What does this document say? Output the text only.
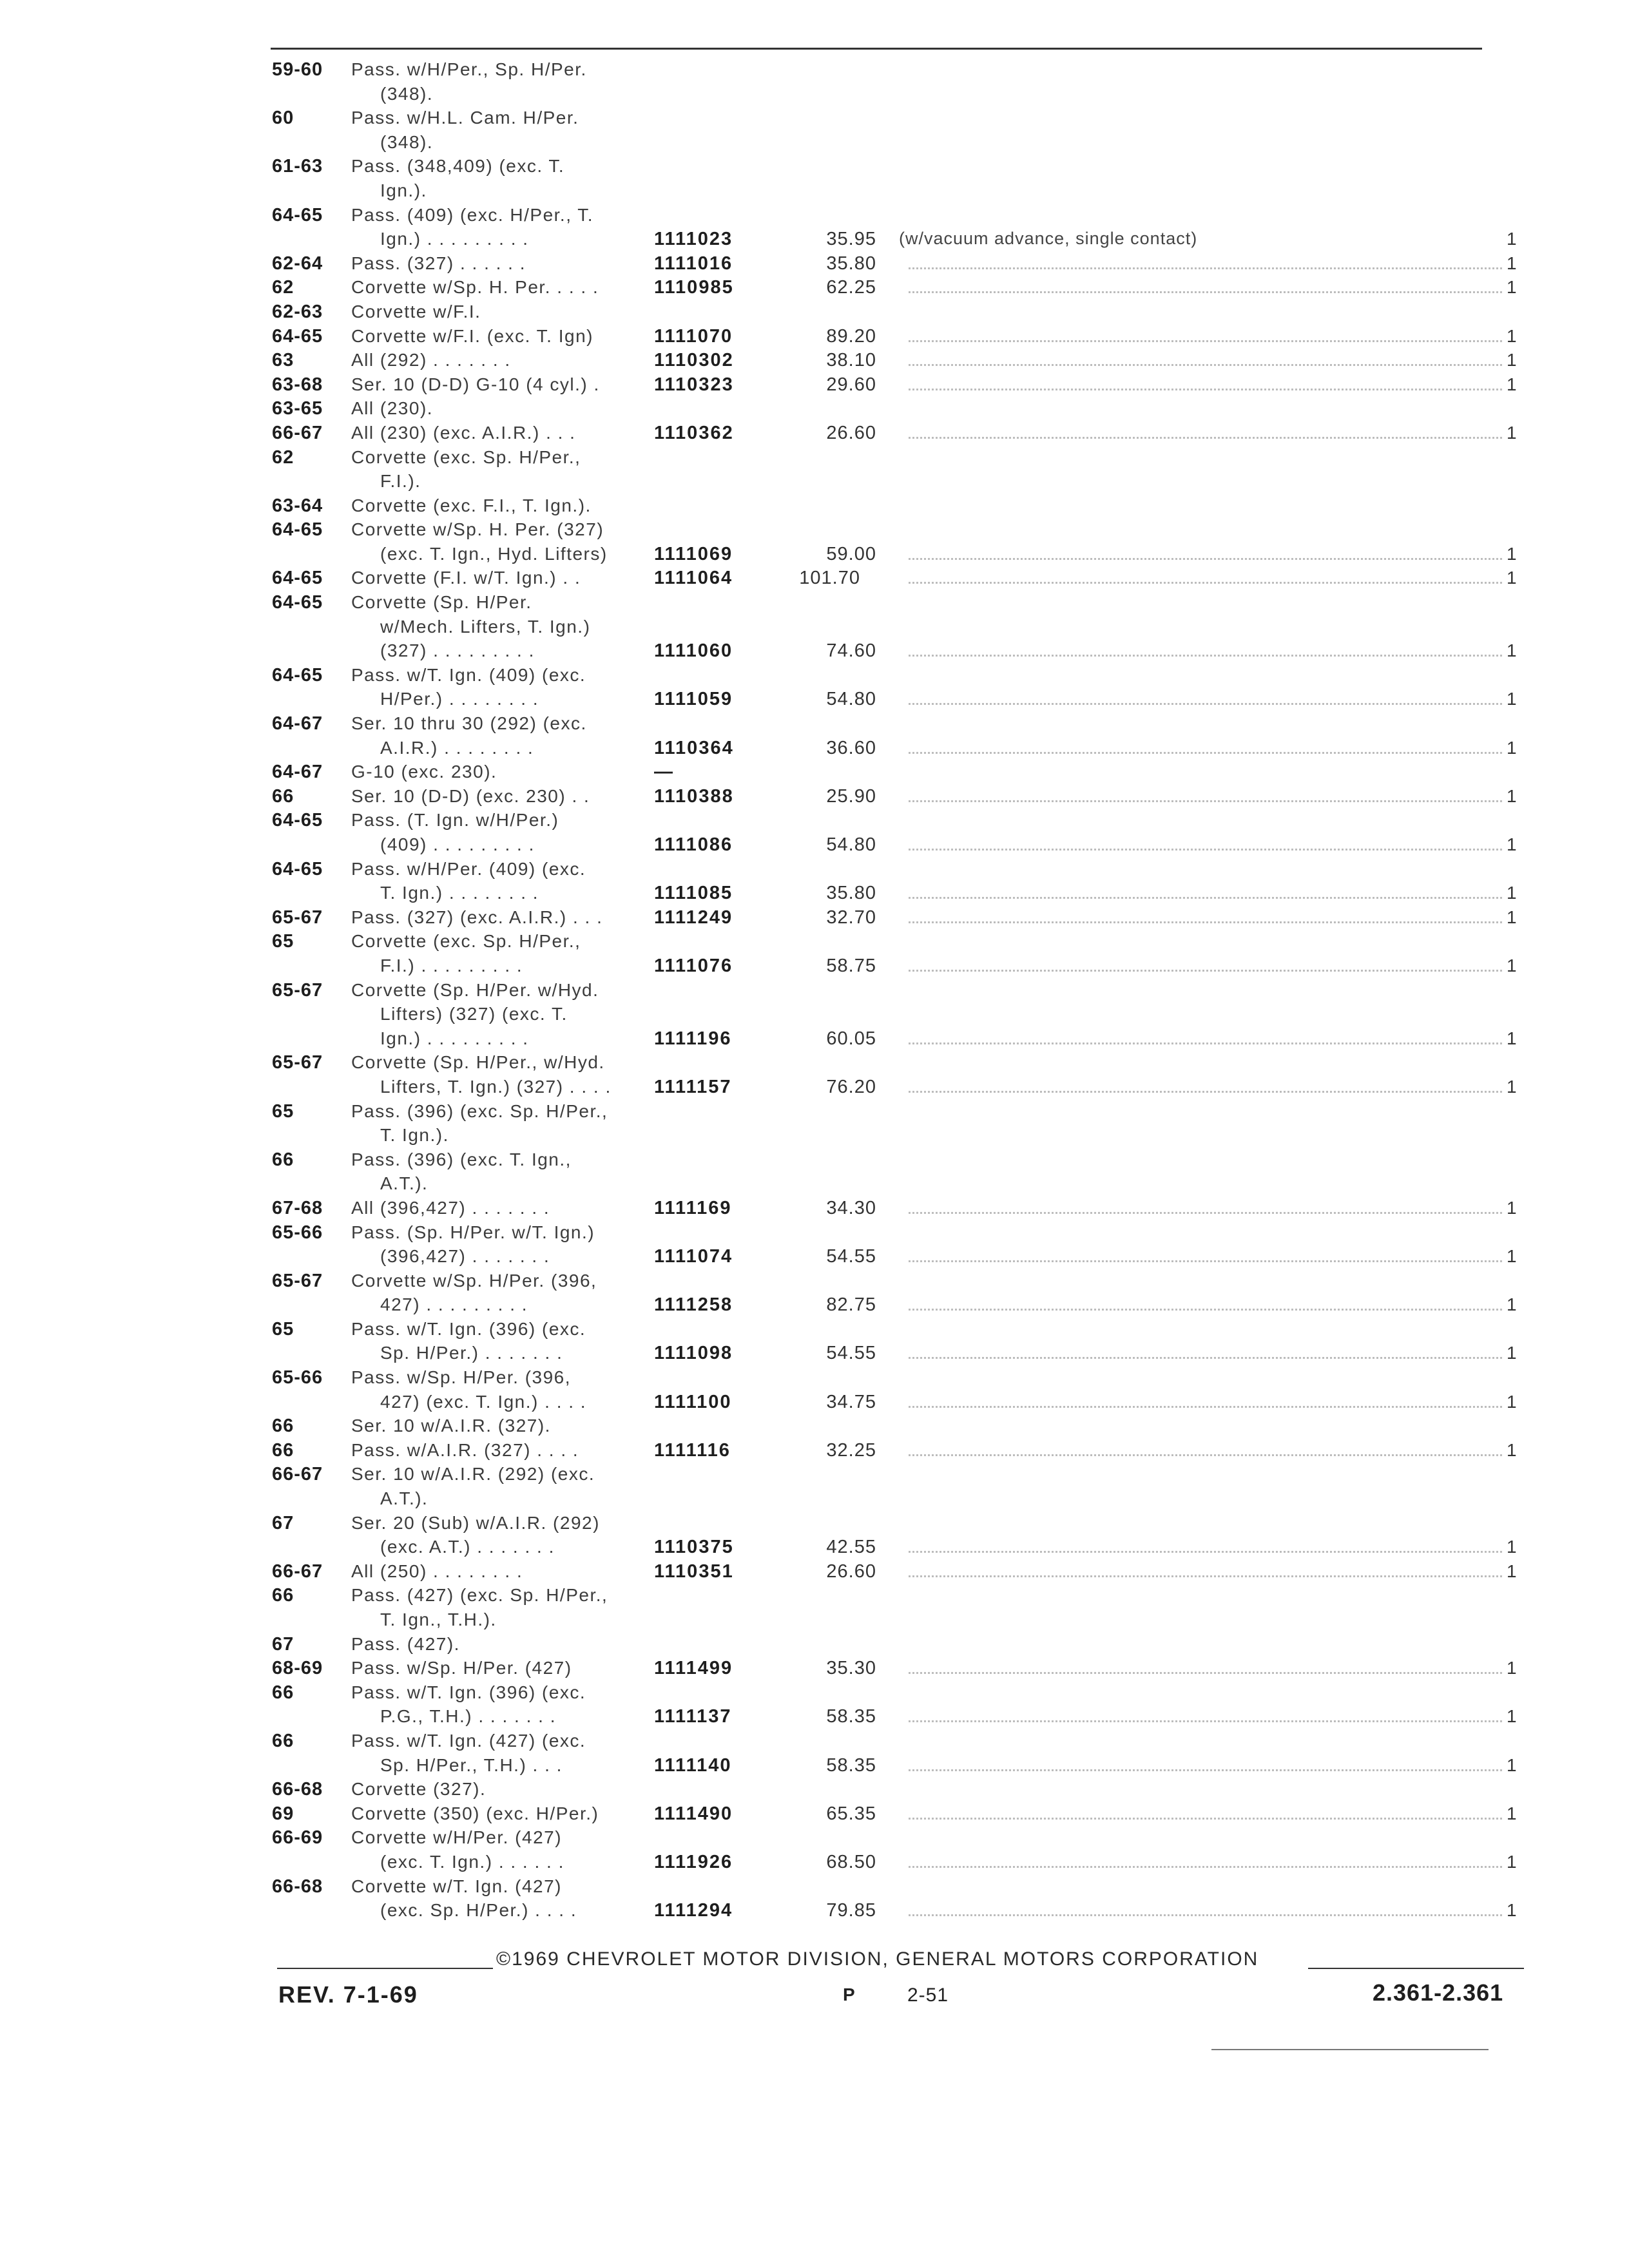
59-60 Pass. w/H/Per., Sp. H/Per.
(348).
60	Pass. w/H.L. Cam. H/Per.
(348).
61-63 Pass. (348,409) (exc. T.
Ign.).
64-65 Pass. (409) (exc. H/Per., T.
Ign.) . . . . . . . . .	1111023	35.95 (w/vacuum advance, single contact)	1
62-64 Pass. (327) . . . . . .	1111016	35.80	1
62	Corvette w/Sp. H. Per. . . . .	1110985	62.25	1
62-63 Corvette w/F.I.
64-65 Corvette w/F.I. (exc. T. Ign)	1111070	89.20	1
63	All (292) . . . . . . .	1110302	38.10	1
63-68 Ser. 10 (D-D) G-10 (4 cyl.) .	1110323	29.60	1
63-65 All (230).
66-67 All (230) (exc. A.I.R.) . . .	1110362	26.60	1
62	Corvette (exc. Sp. H/Per.,
F.I.).
63-64 Corvette (exc. F.I., T. Ign.).
64-65 Corvette w/Sp. H. Per. (327)
(exc. T. Ign., Hyd. Lifters) 1111069	59.00	1
64-65 Corvette (F.I. w/T. Ign.) . .	1111064	101.70	1
64-65 Corvette (Sp. H/Per.
w/Mech. Lifters, T. Ign.)
(327) . . . . . . . . .	1111060	74.60	1
64-65 Pass. w/T. Ign. (409) (exc.
H/Per.) . . . . . . . .	1111059	54.80	1
64-67 Ser. 10 thru 30 (292) (exc.
A.I.R.) . . . . . . . .	1110364	36.60	1
64-67 G-10 (exc. 230).	—
66	Ser. 10 (D-D) (exc. 230) . .	1110388	25.90	1
64-65 Pass. (T. Ign. w/H/Per.)
(409) . . . . . . . . .	1111086	54.80	1
64-65 Pass. w/H/Per. (409) (exc.
T. Ign.) . . . . . . . .	1111085	35.80	1
65-67 Pass. (327) (exc. A.I.R.) . . .	1111249	32.70	1
65	Corvette (exc. Sp. H/Per.,
F.I.) . . . . . . . . .	1111076	58.75	1
65-67 Corvette (Sp. H/Per. w/Hyd.
Lifters) (327) (exc. T.
Ign.) . . . . . . . . .	1111196	60.05	1
65-67 Corvette (Sp. H/Per., w/Hyd.
Lifters, T. Ign.) (327) . . . . 1111157	76.20	1
65	Pass. (396) (exc. Sp. H/Per.,
T. Ign.).
66	Pass. (396) (exc. T. Ign.,
A.T.).
67-68 All (396,427) . . . . . . .	1111169	34.30	1
65-66 Pass. (Sp. H/Per. w/T. Ign.)
(396,427) . . . . . . .	1111074	54.55	1
65-67 Corvette w/Sp. H/Per. (396,
427) . . . . . . . . .	1111258	82.75	1
65	Pass. w/T. Ign. (396) (exc.
Sp. H/Per.) . . . . . . .	1111098	54.55	1
65-66 Pass. w/Sp. H/Per. (396,
427) (exc. T. Ign.) . . . .	1111100	34.75	1
66	Ser. 10 w/A.I.R. (327).
66	Pass. w/A.I.R. (327) . . . .	1111116	32.25	1
66-67 Ser. 10 w/A.I.R. (292) (exc.
A.T.).
67	Ser. 20 (Sub) w/A.I.R. (292)
(exc. A.T.) . . . . . . .	1110375	42.55	1
66-67 All (250) . . . . . . . .	1110351	26.60	1
66	Pass. (427) (exc. Sp. H/Per.,
T. Ign., T.H.).
67	Pass. (427).
68-69 Pass. w/Sp. H/Per. (427)	1111499	35.30	1
66	Pass. w/T. Ign. (396) (exc.
P.G., T.H.) . . . . . . .	1111137	58.35	1
66	Pass. w/T. Ign. (427) (exc.
Sp. H/Per., T.H.) . . .	1111140	58.35	1
66-68 Corvette (327).
69	Corvette (350) (exc. H/Per.)	1111490	65.35	1
66-69 Corvette w/H/Per. (427)
(exc. T. Ign.) . . . . . .	1111926	68.50	1
66-68 Corvette w/T. Ign. (427)
(exc. Sp. H/Per.) . . . .	1111294	79.85	1
©1969 CHEVROLET MOTOR DIVISION, GENERAL MOTORS CORPORATION
REV. 7-1-69	P	2-51	2.361-2.361
